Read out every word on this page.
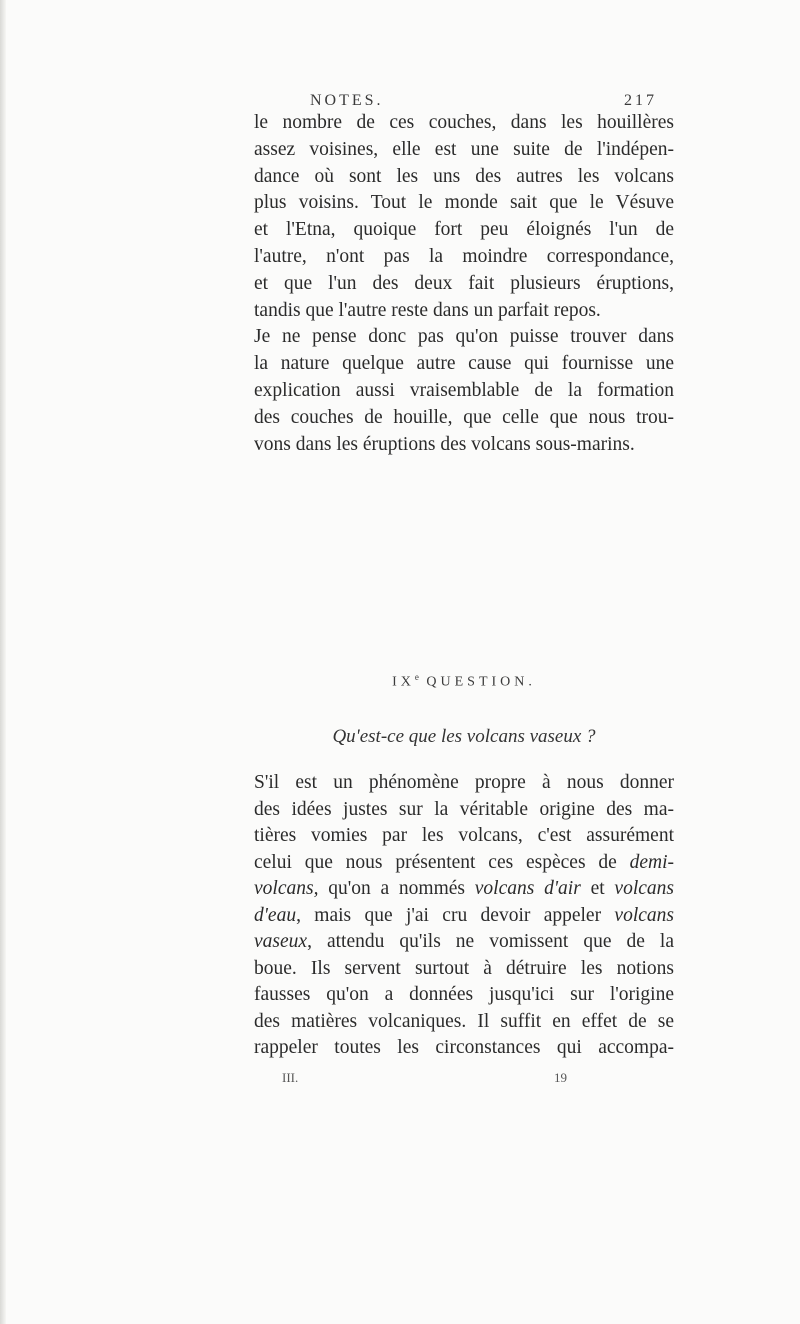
NOTES.	217
le nombre de ces couches, dans les houillères
assez voisines, elle est une suite de l'indépen-
dance où sont les uns des autres les volcans
plus voisins. Tout le monde sait que le Vésuve
et l'Etna, quoique fort peu éloignés l'un de
l'autre, n'ont pas la moindre correspondance,
et que l'un des deux fait plusieurs éruptions,
tandis que l'autre reste dans un parfait repos.
Je ne pense donc pas qu'on puisse trouver dans
la nature quelque autre cause qui fournisse une
explication aussi vraisemblable de la formation
des couches de houille, que celle que nous trou-
vons dans les éruptions des volcans sous-marins.
IXe QUESTION.
Qu'est-ce que les volcans vaseux ?
S'il est un phénomène propre à nous donner
des idées justes sur la véritable origine des ma-
tières vomies par les volcans, c'est assurément
celui que nous présentent ces espèces de demi-
volcans, qu'on a nommés volcans d'air et volcans
d'eau, mais que j'ai cru devoir appeler volcans
vaseux, attendu qu'ils ne vomissent que de la
boue. Ils servent surtout à détruire les notions
fausses qu'on a données jusqu'ici sur l'origine
des matières volcaniques. Il suffit en effet de se
rappeler toutes les circonstances qui accompa-
III.	19
